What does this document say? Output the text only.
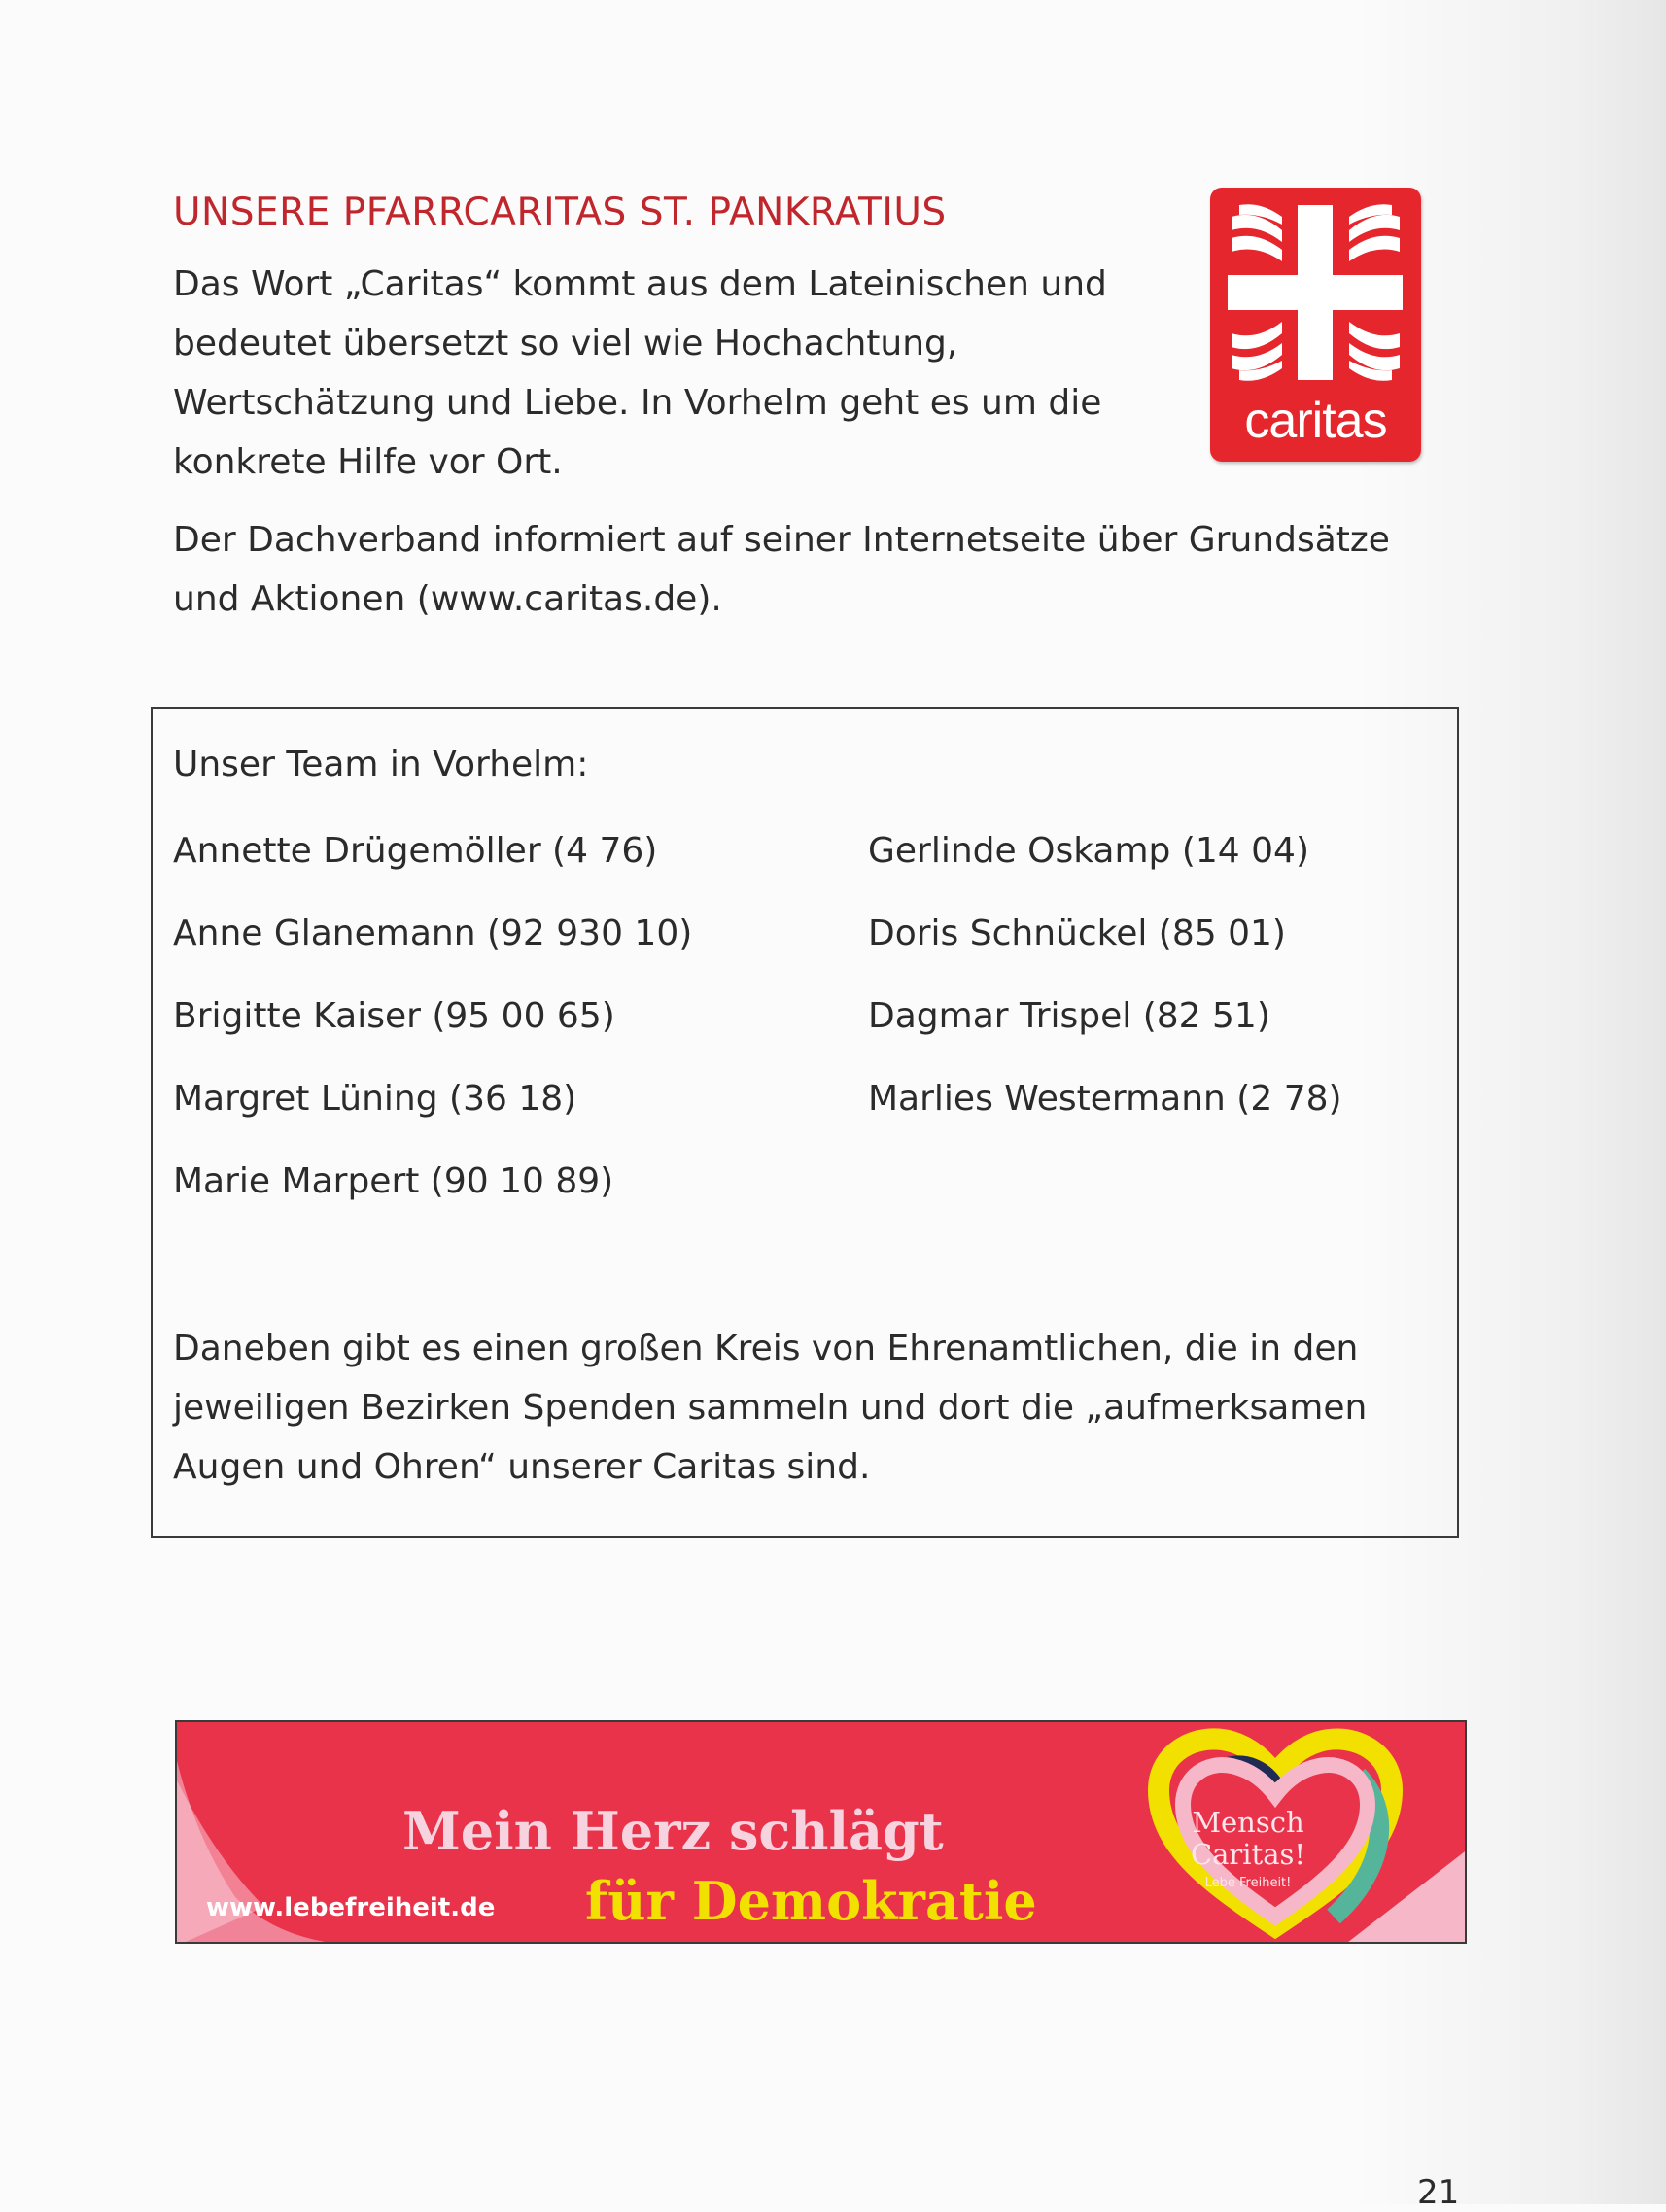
UNSERE PFARRCARITAS ST. PANKRATIUS
Das Wort „Caritas“ kommt aus dem Lateinischen und
bedeutet übersetzt so viel wie Hochachtung,
Wertschätzung und Liebe. In Vorhelm geht es um die
konkrete Hilfe vor Ort.
Der Dachverband informiert auf seiner Internetseite über Grundsätze
und Aktionen (www.caritas.de).
caritas
Unser Team in Vorhelm:
Annette Drügemöller (4 76)
Anne Glanemann (92 930 10)
Brigitte Kaiser (95 00 65)
Margret Lüning (36 18)
Marie Marpert (90 10 89)
Gerlinde Oskamp (14 04)
Doris Schnückel (85 01)
Dagmar Trispel (82 51)
Marlies Westermann (2 78)
Daneben gibt es einen großen Kreis von Ehrenamtlichen, die in den
jeweiligen Bezirken Spenden sammeln und dort die „aufmerksamen
Augen und Ohren“ unserer Caritas sind.
Mein Herz schlägt
für Demokratie
www.lebefreiheit.de
Mensch
Caritas!
Lebe Freiheit!
21
